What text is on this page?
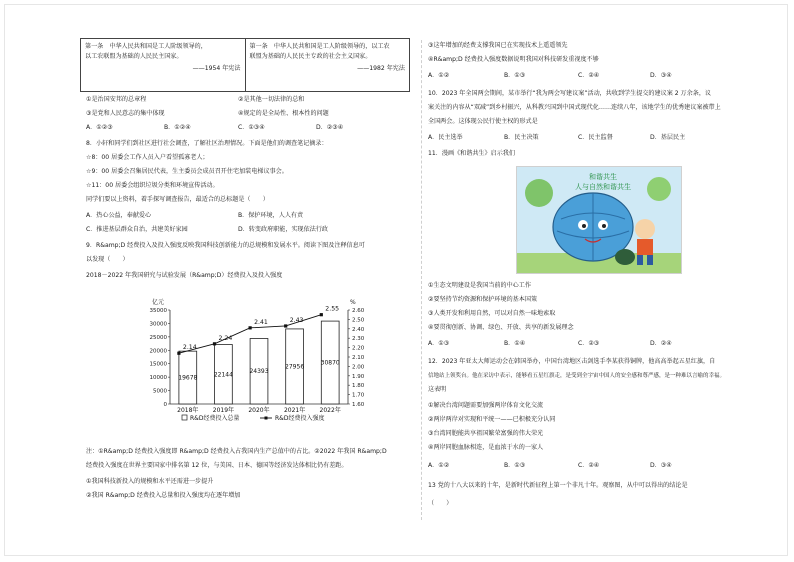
第一条　中华人民共和国是工人阶级领导的，
以工农联盟为基础的人民民主国家。
——1954 年宪法
	第一条　中华人民共和国是工人阶级领导的，以工农
联盟为基础的人民民主专政的社会主义国家。
——1982 年宪法
①是治国安邦的总章程	②是其他一切法律的总和
③是党和人民意志的集中体现	④规定的是全局性、根本性的问题
A．①②③	B．①②④	C．①③④	D．②③④
8．小轩和同学们到社区进行社会调查，了解社区治理情况。下面是他们的调查笔记摘录：
☆8：00 居委会工作人员入户看望孤寡老人；
☆9：00 居委会召集居民代表，生主委员会成员召开住宅加装电梯议事会。
☆11：00 居委会组织垃圾分类和环境宣传活动。
同学们要以上资料，着手探写调查报告，最适合的总标题是（　　）
A．热心公益，奉献爱心	B．保护环境，人人有责
C．推进基层群众自治，共建美好家园	D．转变政府职能，实现依法行政
9．R&amp;D 经费投入及投入强度反映我国科技创新能力的总规模和发展水平。阅读下图及注释信息可
以发现（　　）
2018－2022 年我国研究与试验发展（R&amp;D）经费投入及投入强度
亿元	%
0
5000
10000
15000
20000
25000
30000
35000
1.60
1.70
1.80
1.90
2.00
2.10
2.20
2.30
2.40
2.50
2.60
19678
2018年
22144
2019年
24393
2020年
27956
2021年
30870
2022年
2.14
2.24
2.41	2.43
2.55
R&D经费投入总量	R&D经费投入强度
注：①R&amp;D 经费投入强度即 R&amp;D 经费投入占我国内生产总值中的占比。②2022 年我国 R&amp;D
经费投入强度在世界主要国家中排名第 12 位，与美国、日本、德国等经济发达体相比仍有差距。
①我国科技新投入的规模和水平还需进一步提升
②我国 R&amp;D 经费投入总量和投入强度均在逐年增加
③这年增加的经费支撑我国已在实现技术上遥遥领先
④R&amp;D 经费投入强度数据说明我国对科技研发重视度不够
A．①②	B．①③	C．②④	D．③④
10．2023 年全国两会期间，某市举行“我为两会写建议案”活动，共收到学生提交的建议案 2 万余条，议
案关注的内容从“双减”到乡村振兴，从科教兴国到中国式现代化……连续八年，该地学生的优秀建议案被带上
全国两会。这体现公民行使主权的形式是
A．民主选举	B．民主决策	C．民主监督	D．基层民主
11．漫画《和谐共生》启示我们
和谐共生
人与自然和谐共生
①生态文明建设是我国当前的中心工作
②要坚持节约资源和保护环境的基本国策
③人类开发和利用自然，可以对自然一味地索取
④要贯彻创新、协调、绿色、开放、共享的新发展理念
A．①③	B．①④	C．②③	D．②④
12．2023 年亚太大师运动会在韩国举办，中国台湾地区击剑选手李某获得铜牌，他高高举起五星红旗，自
信地站上领奖台。他在采访中表示，能够看五星红旗走，是受到全宇宙中国人的安全感和尊严感，是一种难以言喻的幸福。
这表明
①解决台湾问题需要加强两岸体育文化交流
②两岸两岸对实现和平统一——已积极充分认同
③台湾同胞能共享祖国繁荣富强的伟大荣光
④两岸同胞血脉相连，是血浓于水的一家人
A．①②	B．①③	C．②④	D．③④
13 党的十八大以来的十年，是新时代新征程上第一个非凡十年。观察图，从中可以得出的结论是
（　　）
